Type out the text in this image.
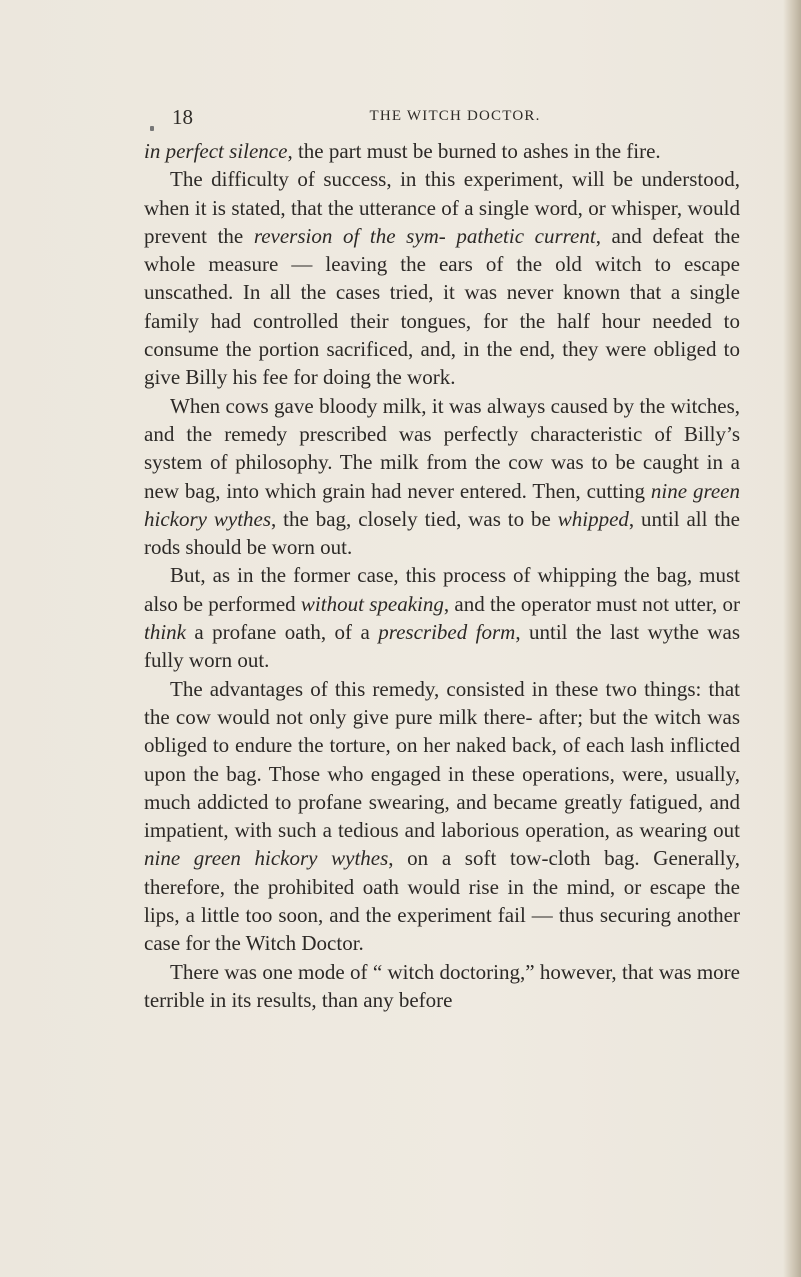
18	THE WITCH DOCTOR.

in perfect silence, the part must be burned to ashes in the fire.

The difficulty of success, in this experiment, will be understood, when it is stated, that the utterance of a single word, or whisper, would prevent the reversion of the sym- pathetic current, and defeat the whole measure — leaving the ears of the old witch to escape unscathed. In all the cases tried, it was never known that a single family had controlled their tongues, for the half hour needed to consume the portion sacrificed, and, in the end, they were obliged to give Billy his fee for doing the work.

When cows gave bloody milk, it was always caused by the witches, and the remedy prescribed was perfectly characteristic of Billy’s system of philosophy. The milk from the cow was to be caught in a new bag, into which grain had never entered. Then, cutting nine green hickory wythes, the bag, closely tied, was to be whipped, until all the rods should be worn out.

But, as in the former case, this process of whipping the bag, must also be performed without speaking, and the operator must not utter, or think a profane oath, of a prescribed form, until the last wythe was fully worn out.

The advantages of this remedy, consisted in these two things: that the cow would not only give pure milk there- after; but the witch was obliged to endure the torture, on her naked back, of each lash inflicted upon the bag. Those who engaged in these operations, were, usually, much addicted to profane swearing, and became greatly fatigued, and impatient, with such a tedious and laborious operation, as wearing out nine green hickory wythes, on a soft tow-cloth bag. Generally, therefore, the prohibited oath would rise in the mind, or escape the lips, a little too soon, and the experiment fail — thus securing another case for the Witch Doctor.

There was one mode of “ witch doctoring,” however, that was more terrible in its results, than any before
